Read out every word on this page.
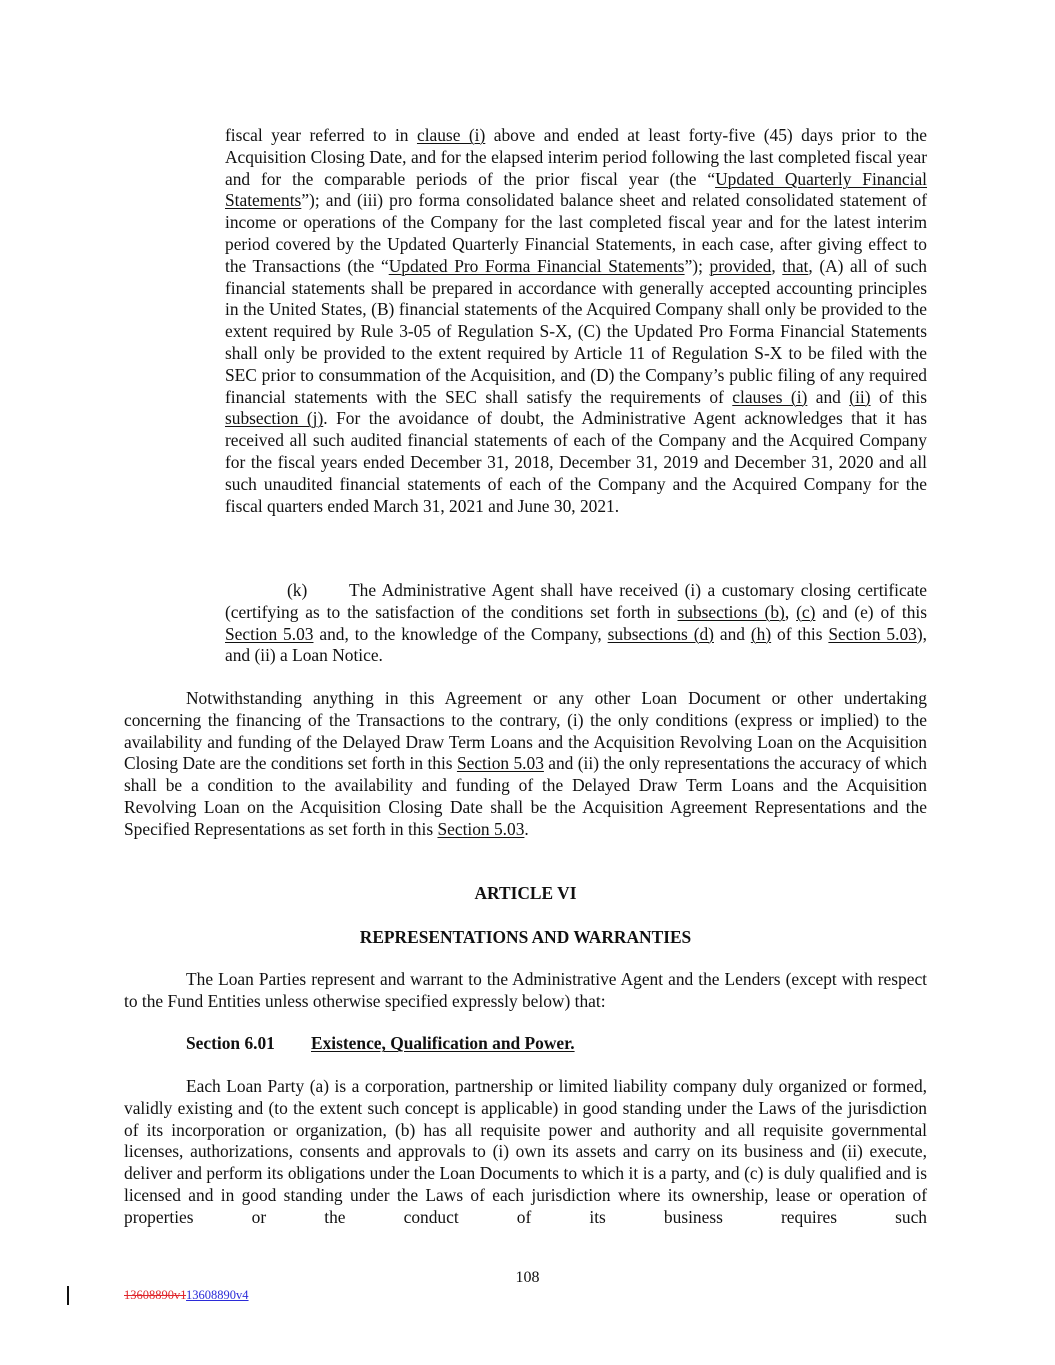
fiscal year referred to in clause (i) above and ended at least forty-five (45) days prior to the Acquisition Closing Date, and for the elapsed interim period following the last completed fiscal year and for the comparable periods of the prior fiscal year (the “Updated Quarterly Financial Statements”); and (iii) pro forma consolidated balance sheet and related consolidated statement of income or operations of the Company for the last completed fiscal year and for the latest interim period covered by the Updated Quarterly Financial Statements, in each case, after giving effect to the Transactions (the “Updated Pro Forma Financial Statements”); provided, that, (A) all of such financial statements shall be prepared in accordance with generally accepted accounting principles in the United States, (B) financial statements of the Acquired Company shall only be provided to the extent required by Rule 3-05 of Regulation S-X, (C) the Updated Pro Forma Financial Statements shall only be provided to the extent required by Article 11 of Regulation S-X to be filed with the SEC prior to consummation of the Acquisition, and (D) the Company’s public filing of any required financial statements with the SEC shall satisfy the requirements of clauses (i) and (ii) of this subsection (j). For the avoidance of doubt, the Administrative Agent acknowledges that it has received all such audited financial statements of each of the Company and the Acquired Company for the fiscal years ended December 31, 2018, December 31, 2019 and December 31, 2020 and all such unaudited financial statements of each of the Company and the Acquired Company for the fiscal quarters ended March 31, 2021 and June 30, 2021.

(k) The Administrative Agent shall have received (i) a customary closing certificate (certifying as to the satisfaction of the conditions set forth in subsections (b), (c) and (e) of this Section 5.03 and, to the knowledge of the Company, subsections (d) and (h) of this Section 5.03), and (ii) a Loan Notice.

Notwithstanding anything in this Agreement or any other Loan Document or other undertaking concerning the financing of the Transactions to the contrary, (i) the only conditions (express or implied) to the availability and funding of the Delayed Draw Term Loans and the Acquisition Revolving Loan on the Acquisition Closing Date are the conditions set forth in this Section 5.03 and (ii) the only representations the accuracy of which shall be a condition to the availability and funding of the Delayed Draw Term Loans and the Acquisition Revolving Loan on the Acquisition Closing Date shall be the Acquisition Agreement Representations and the Specified Representations as set forth in this Section 5.03.

ARTICLE VI
REPRESENTATIONS AND WARRANTIES

The Loan Parties represent and warrant to the Administrative Agent and the Lenders (except with respect to the Fund Entities unless otherwise specified expressly below) that:

Section 6.01 Existence, Qualification and Power.

Each Loan Party (a) is a corporation, partnership or limited liability company duly organized or formed, validly existing and (to the extent such concept is applicable) in good standing under the Laws of the jurisdiction of its incorporation or organization, (b) has all requisite power and authority and all requisite governmental licenses, authorizations, consents and approvals to (i) own its assets and carry on its business and (ii) execute, deliver and perform its obligations under the Loan Documents to which it is a party, and (c) is duly qualified and is licensed and in good standing under the Laws of each jurisdiction where its ownership, lease or operation of properties or the conduct of its business requires such

108
13608890v113608890v4
